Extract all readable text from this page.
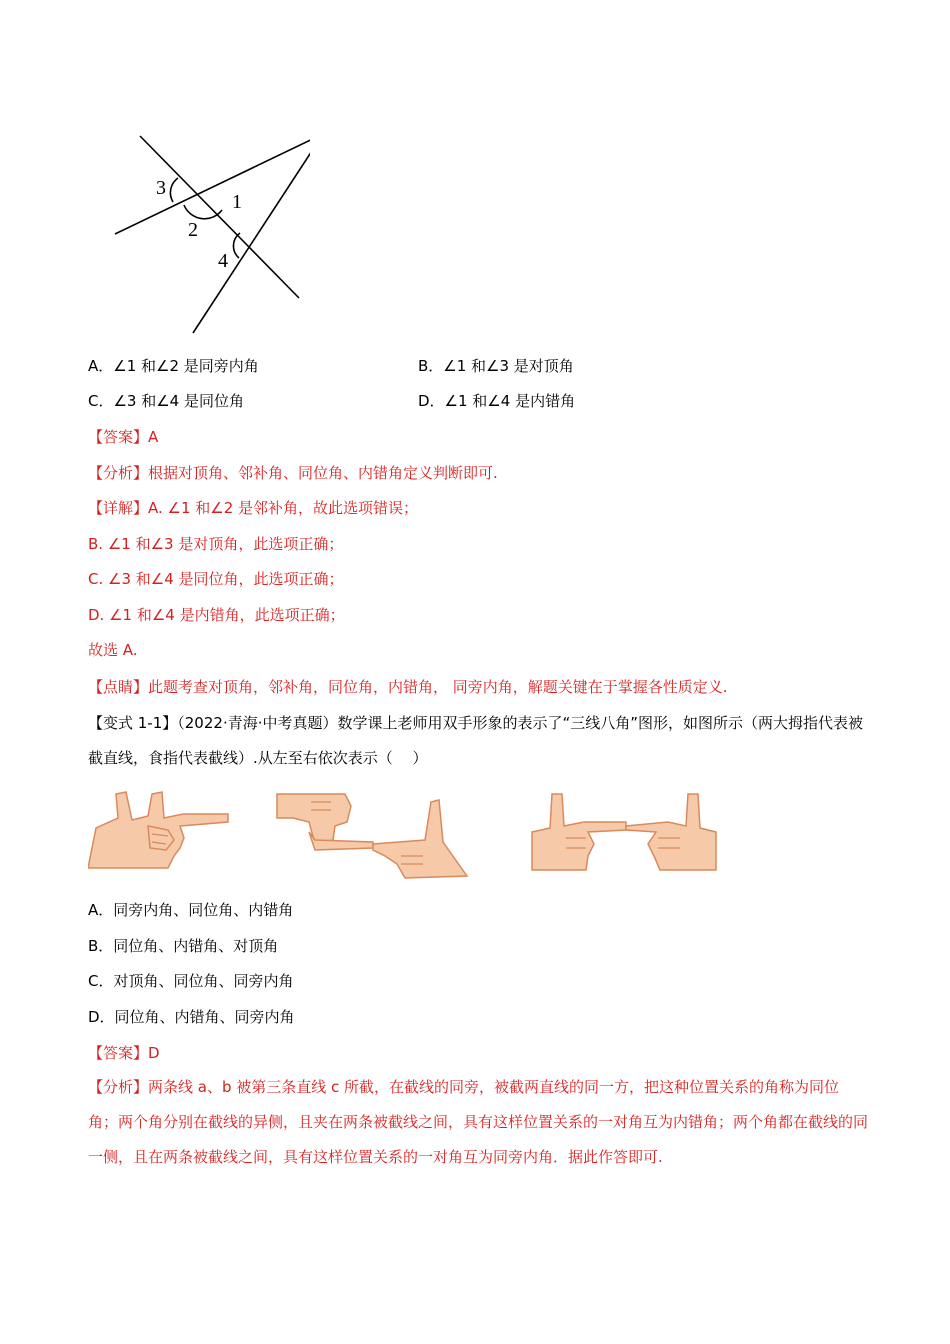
3
1
2
4
A．∠1 和∠2 是同旁内角	B．∠1 和∠3 是对顶角
C．∠3 和∠4 是同位角	D．∠1 和∠4 是内错角
【答案】A
【分析】根据对顶角、邻补角、同位角、内错角定义判断即可.
【详解】A. ∠1 和∠2 是邻补角，故此选项错误；
B. ∠1 和∠3 是对顶角，此选项正确；
C. ∠3 和∠4 是同位角，此选项正确；
D. ∠1 和∠4 是内错角，此选项正确；
故选 A.
【点睛】此题考查对顶角，邻补角，同位角，内错角， 同旁内角，解题关键在于掌握各性质定义.
【变式 1-1】（2022·青海·中考真题）数学课上老师用双手形象的表示了“三线八角”图形，如图所示（两大拇指代表被截直线，食指代表截线）.从左至右依次表示（　 ）
A．同旁内角、同位角、内错角
B．同位角、内错角、对顶角
C．对顶角、同位角、同旁内角
D．同位角、内错角、同旁内角
【答案】D
【分析】两条线 a、b 被第三条直线 c 所截，在截线的同旁，被截两直线的同一方，把这种位置关系的角称为同位角；两个角分别在截线的异侧，且夹在两条被截线之间，具有这样位置关系的一对角互为内错角；两个角都在截线的同一侧，且在两条被截线之间，具有这样位置关系的一对角互为同旁内角．据此作答即可.
